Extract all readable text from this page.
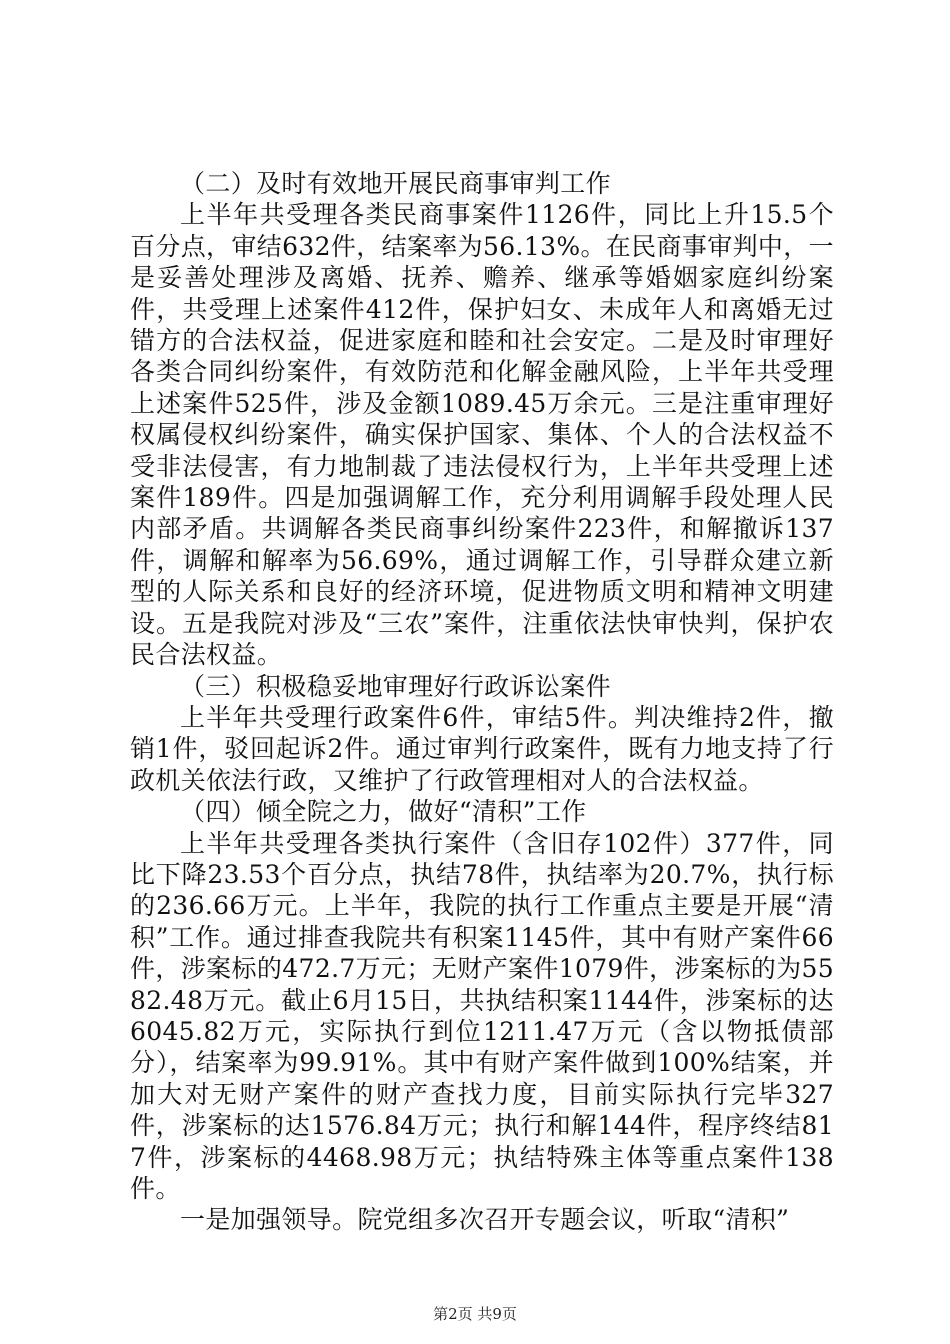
（二）及时有效地开展民商事审判工作

上半年共受理各类民商事案件1126件，同比上升15.5个百分点，审结632件，结案率为56.13%。在民商事审判中，一是妥善处理涉及离婚、抚养、赡养、继承等婚姻家庭纠纷案件，共受理上述案件412件，保护妇女、未成年人和离婚无过错方的合法权益，促进家庭和睦和社会安定。二是及时审理好各类合同纠纷案件，有效防范和化解金融风险，上半年共受理上述案件525件，涉及金额1089.45万余元。三是注重审理好权属侵权纠纷案件，确实保护国家、集体、个人的合法权益不受非法侵害，有力地制裁了违法侵权行为，上半年共受理上述案件189件。四是加强调解工作，充分利用调解手段处理人民内部矛盾。共调解各类民商事纠纷案件223件，和解撤诉137件，调解和解率为56.69%，通过调解工作，引导群众建立新型的人际关系和良好的经济环境，促进物质文明和精神文明建设。五是我院对涉及“三农”案件，注重依法快审快判，保护农民合法权益。

（三）积极稳妥地审理好行政诉讼案件

上半年共受理行政案件6件，审结5件。判决维持2件，撤销1件，驳回起诉2件。通过审判行政案件，既有力地支持了行政机关依法行政，又维护了行政管理相对人的合法权益。

（四）倾全院之力，做好“清积”工作

上半年共受理各类执行案件（含旧存102件）377件，同比下降23.53个百分点，执结78件，执结率为20.7%，执行标的236.66万元。上半年，我院的执行工作重点主要是开展“清积”工作。通过排查我院共有积案1145件，其中有财产案件66件，涉案标的472.7万元；无财产案件1079件，涉案标的为5582.48万元。截止6月15日，共执结积案1144件，涉案标的达6045.82万元，实际执行到位1211.47万元（含以物抵债部分），结案率为99.91%。其中有财产案件做到100%结案，并加大对无财产案件的财产查找力度，目前实际执行完毕327件，涉案标的达1576.84万元；执行和解144件，程序终结817件，涉案标的4468.98万元；执结特殊主体等重点案件138件。

一是加强领导。院党组多次召开专题会议，听取“清积”

第2页 共9页
